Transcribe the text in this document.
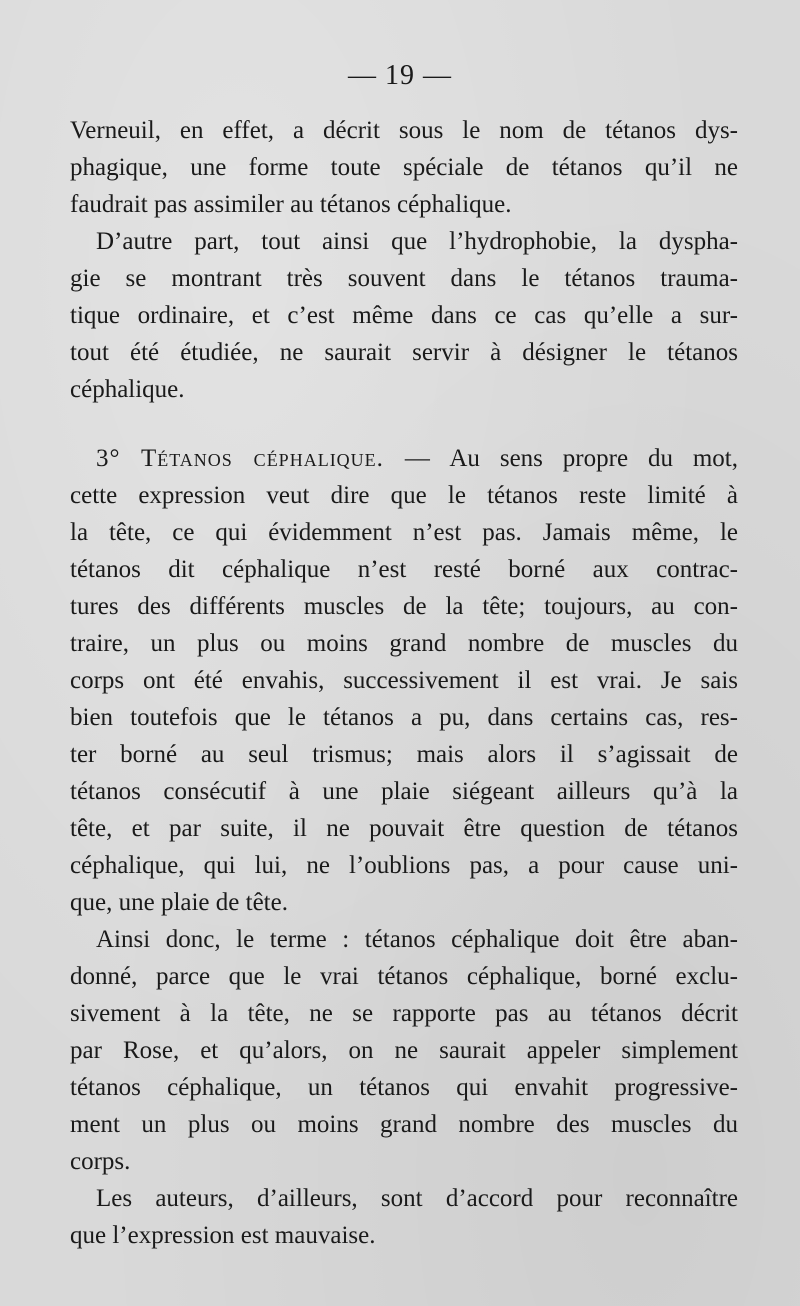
— 19 —
Verneuil, en effet, a décrit sous le nom de tétanos dys-
phagique, une forme toute spéciale de tétanos qu’il ne
faudrait pas assimiler au tétanos céphalique.
D’autre part, tout ainsi que l’hydrophobie, la dyspha-
gie se montrant très souvent dans le tétanos trauma-
tique ordinaire, et c’est même dans ce cas qu’elle a sur-
tout été étudiée, ne saurait servir à désigner le tétanos
céphalique.
3° Tétanos céphalique. — Au sens propre du mot,
cette expression veut dire que le tétanos reste limité à
la tête, ce qui évidemment n’est pas. Jamais même, le
tétanos dit céphalique n’est resté borné aux contrac-
tures des différents muscles de la tête; toujours, au con-
traire, un plus ou moins grand nombre de muscles du
corps ont été envahis, successivement il est vrai. Je sais
bien toutefois que le tétanos a pu, dans certains cas, res-
ter borné au seul trismus; mais alors il s’agissait de
tétanos consécutif à une plaie siégeant ailleurs qu’à la
tête, et par suite, il ne pouvait être question de tétanos
céphalique, qui lui, ne l’oublions pas, a pour cause uni-
que, une plaie de tête.
Ainsi donc, le terme : tétanos céphalique doit être aban-
donné, parce que le vrai tétanos céphalique, borné exclu-
sivement à la tête, ne se rapporte pas au tétanos décrit
par Rose, et qu’alors, on ne saurait appeler simplement
tétanos céphalique, un tétanos qui envahit progressive-
ment un plus ou moins grand nombre des muscles du
corps.
Les auteurs, d’ailleurs, sont d’accord pour reconnaître
que l’expression est mauvaise.
